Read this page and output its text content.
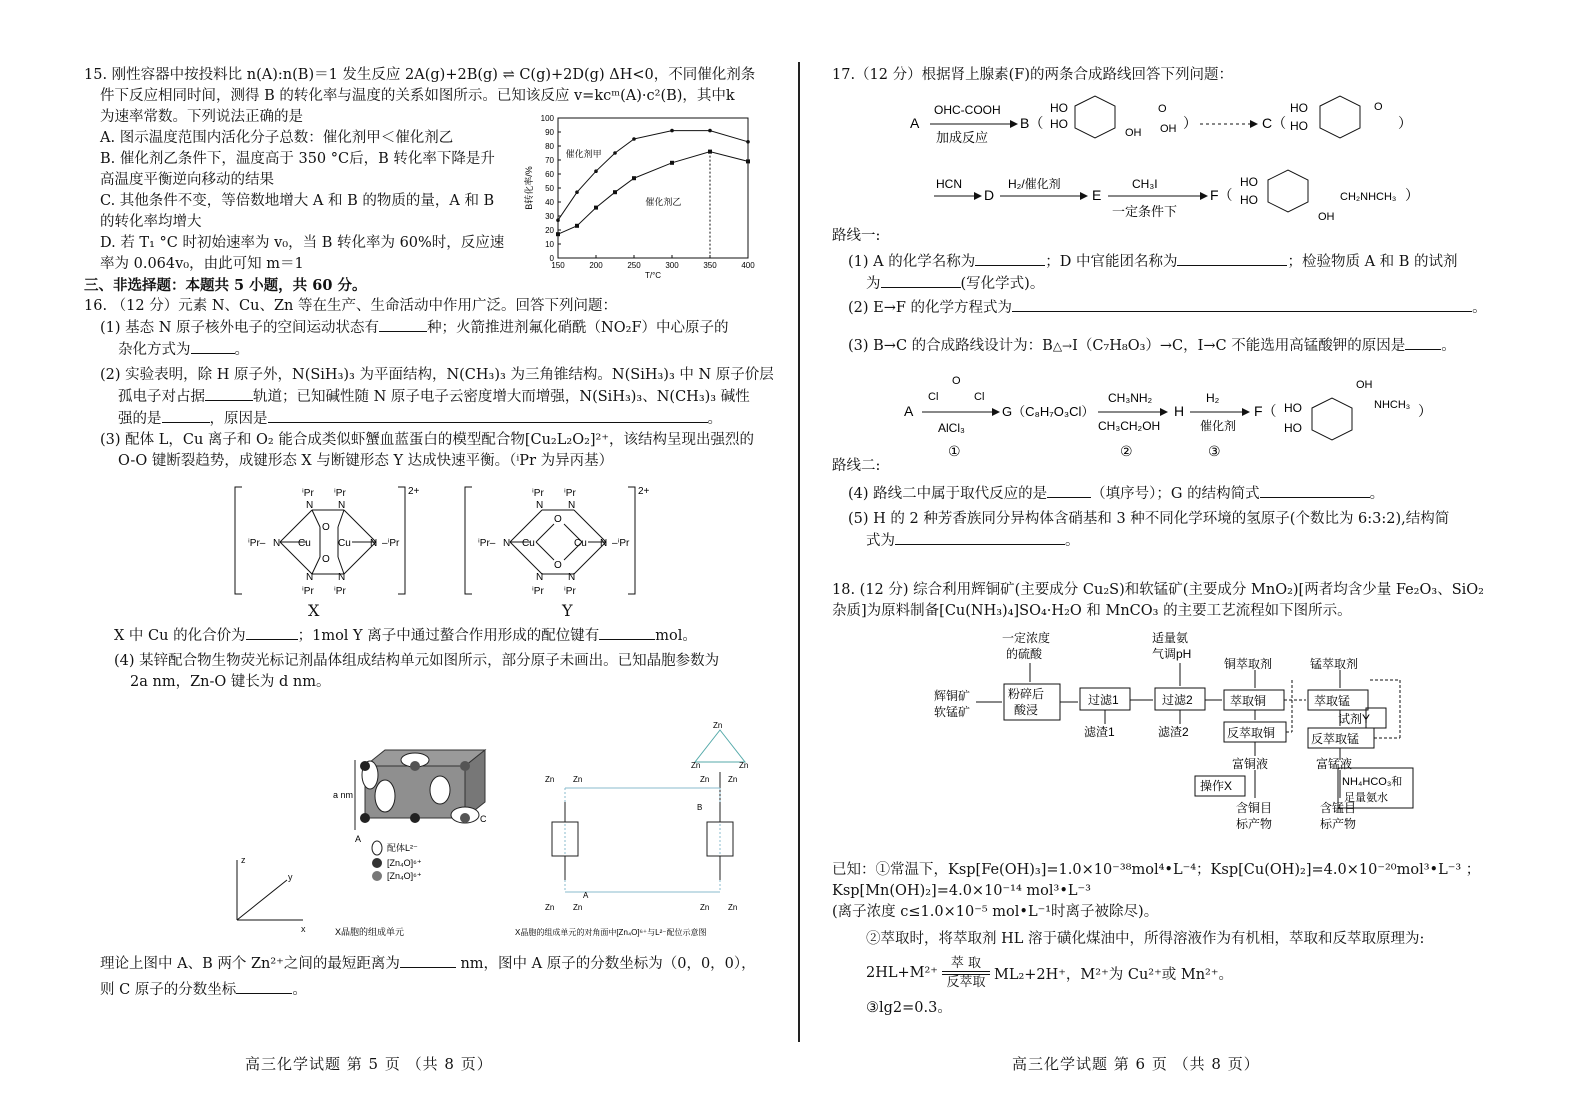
15. 刚性容器中按投料比 n(A):n(B)＝1 发生反应 2A(g)+2B(g) ⇌ C(g)+2D(g) ΔH<0，不同催化剂条

件下反应相同时间，测得 B 的转化率与温度的关系如图所示。已知该反应 v=kcᵐ(A)·c²(B)，其中k

为速率常数。下列说法正确的是

A. 图示温度范围内活化分子总数：催化剂甲＜催化剂乙

B. 催化剂乙条件下，温度高于 350 °C后，B 转化率下降是升

高温度平衡逆向移动的结果

C. 其他条件不变，等倍数地增大 A 和 B 的物质的量，A 和 B

的转化率均增大

D. 若 T₁ °C 时初始速率为 v₀，当 B 转化率为 60%时，反应速

率为 0.064v₀，由此可知 m＝1

三、非选择题：本题共 5 小题，共 60 分。

16. （12 分）元素 N、Cu、Zn 等在生产、生命活动中作用广泛。回答下列问题：

(1) 基态 N 原子核外电子的空间运动状态有	种；火箭推进剂氟化硝酰（NO₂F）中心原子的

杂化方式为	。

(2) 实验表明，除 H 原子外，N(SiH₃)₃ 为平面结构，N(CH₃)₃ 为三角锥结构。N(SiH₃)₃ 中 N 原子价层

孤电子对占据	轨道；已知碱性随 N 原子电子云密度增大而增强，N(SiH₃)₃、N(CH₃)₃ 碱性

强的是	，原因是	。

(3) 配体 L，Cu 离子和 O₂ 能合成类似虾蟹血蓝蛋白的模型配合物[Cu₂L₂O₂]²⁺，该结构呈现出强烈的

O-O 键断裂趋势，成键形态 X 与断键形态 Y 达成快速平衡。（ⁱPr 为异丙基）

0
10
20
30
40
50
60
70
80
90
100
150	200	250	300	350	400
T/°C
B转化率/%
催化剂甲
催化剂乙
2+
N N
N N
N	N
Cu	Cu
O
O
ⁱPr ⁱPr
ⁱPr ⁱPr
ⁱPr–	–ⁱPr
2+
N N
N N
N	N
Cu	Cu
O
O
ⁱPr ⁱPr
ⁱPr ⁱPr
ⁱPr–	–ⁱPr
X	Y

X 中 Cu 的化合价为	；1mol Y 离子中通过螯合作用形成的配位键有	mol。

(4) 某锌配合物生物荧光标记剂晶体组成结构单元如图所示，部分原子未画出。已知晶胞参数为

2a nm，Zn-O 键长为 d nm。

a nm
A
C
配体L²⁻
[Zn₄O]⁶⁺
[Zn₄O]⁶⁺
z
y
x	X晶胞的组成单元
Zn Zn	Zn Zn
Zn Zn	Zn Zn
Zn
Zn	Zn
A
B
X晶胞的组成单元的对角面中[Zn₄O]⁶⁺与L²⁻配位示意图

理论上图中 A、B 两个 Zn²⁺之间的最短距离为	nm，图中 A 原子的分数坐标为（0，0，0），

则 C 原子的分数坐标	。

高三化学试题 第 5 页 （共 8 页）

17.（12 分）根据肾上腺素(F)的两条合成路线回答下列问题：

A
OHC-COOH
加成反应
B（
HO
HO
OH
O
OH ）	C（
HO
HO
O
）
HCN
D
H₂/催化剂
E
CH₃I
一定条件下
F（
HO
HO	CH₂NHCH₃
OH
）

路线一:

(1) A 的化学名称为	；D 中官能团名称为	；检验物质 A 和 B 的试剂

为	(写化学式)。

(2) E→F 的化学方程式为	。

(3) B→C 的合成路线设计为：B△→I（C₇H₈O₃）→C，I→C 不能选用高锰酸钾的原因是 。

A
Cl
O
Cl
AlCl₃
①
G（C₈H₇O₃Cl）
CH₃NH₂
CH₃CH₂OH
②
H
H₂
催化剂
③
F（ HO
HO
OH
NHCH₃ ）

路线二:

(4) 路线二中属于取代反应的是	（填序号）；G 的结构简式	。

(5) H 的 2 种芳香族同分异构体含硝基和 3 种不同化学环境的氢原子(个数比为 6:3:2),结构简

式为	。

18. (12 分) 综合利用辉铜矿(主要成分 Cu₂S)和软锰矿(主要成分 MnO₂)[两者均含少量 Fe₂O₃、SiO₂

杂质]为原料制备[Cu(NH₃)₄]SO₄·H₂O 和 MnCO₃ 的主要工艺流程如下图所示。

一定浓度
的硫酸
适量氨
气调pH
铜萃取剂	锰萃取剂
辉铜矿
软锰矿
粉碎后
酸浸
过滤1	过滤2	萃取铜	萃取锰
滤渣1	滤渣2	反萃取铜	反萃取锰
试剂Y
富铜液	富锰液
操作X	NH₄HCO₃和
足量氨水
含铜目
标产物
含锰目
标产物

已知：①常温下，Ksp[Fe(OH)₃]=1.0×10⁻³⁸mol⁴•L⁻⁴；Ksp[Cu(OH)₂]=4.0×10⁻²⁰mol³•L⁻³ ；

Ksp[Mn(OH)₂]=4.0×10⁻¹⁴ mol³•L⁻³

(离子浓度 c≤1.0×10⁻⁵ mol•L⁻¹时离子被除尽)。

②萃取时，将萃取剂 HL 溶于磺化煤油中，所得溶液作为有机相，萃取和反萃取原理为:

2HL+M²⁺
萃 取
反萃取 ML₂+2H⁺，M²⁺为 Cu²⁺或 Mn²⁺。

③lg2=0.3。

高三化学试题 第 6 页 （共 8 页）
